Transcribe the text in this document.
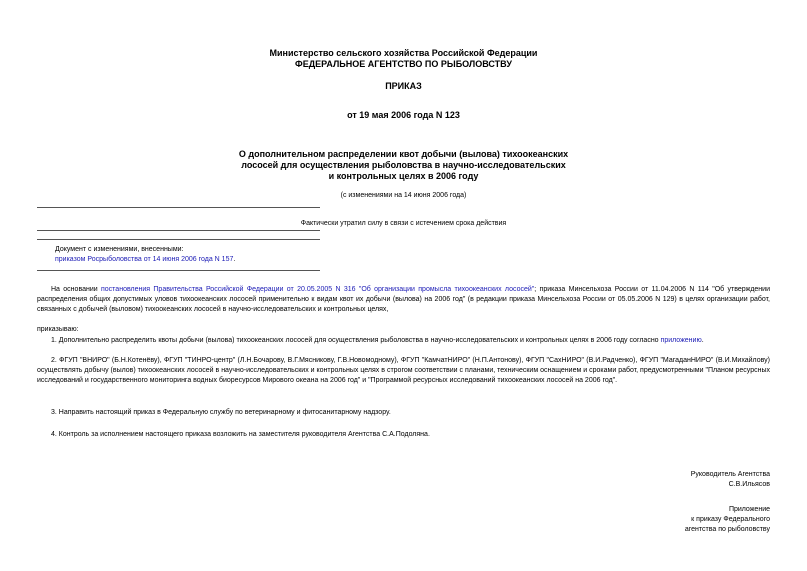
Министерство сельского хозяйства Российской Федерации
ФЕДЕРАЛЬНОЕ АГЕНТСТВО ПО РЫБОЛОВСТВУ
ПРИКАЗ
от 19 мая 2006 года N 123
О дополнительном распределении квот добычи (вылова) тихоокеанских
лососей для осуществления рыболовства в научно-исследовательских
и контрольных целях в 2006 году
(с изменениями на 14 июня 2006 года)
Фактически утратил силу в связи с истечением срока действия
Документ с изменениями, внесенными:
приказом Росрыболовства от 14 июня 2006 года N 157.
На основании постановления Правительства Российской Федерации от 20.05.2005 N 316 "Об организации промысла тихоокеанских лососей"; приказа Минсельхоза России от 11.04.2006 N 114 "Об утверждении распределения общих допустимых уловов тихоокеанских лососей применительно к видам квот их добычи (вылова) на 2006 год" (в редакции приказа Минсельхоза России от 05.05.2006 N 129) в целях организации работ, связанных с добычей (выловом) тихоокеанских лососей в научно-исследовательских и контрольных целях,
приказываю:
1. Дополнительно распределить квоты добычи (вылова) тихоокеанских лососей для осуществления рыболовства в научно-исследовательских и контрольных целях в 2006 году согласно приложению.
2. ФГУП "ВНИРО" (Б.Н.Котенёву), ФГУП "ТИНРО-центр" (Л.Н.Бочарову, В.Г.Мясникову, Г.В.Новомодному), ФГУП "КамчатНИРО" (Н.П.Антонову), ФГУП "СахНИРО" (В.И.Радченко), ФГУП "МагаданНИРО" (В.И.Михайлову) осуществлять добычу (вылов) тихоокеанских лососей в научно-исследовательских и контрольных целях в строгом соответствии с планами, техническим оснащением и сроками работ, предусмотренными "Планом ресурсных исследований и государственного мониторинга водных биоресурсов Мирового океана на 2006 год" и "Программой ресурсных исследований тихоокеанских лососей на 2006 год".
3. Направить настоящий приказ в Федеральную службу по ветеринарному и фитосанитарному надзору.
4. Контроль за исполнением настоящего приказа возложить на заместителя руководителя Агентства С.А.Подоляна.
Руководитель Агентства
С.В.Ильясов
Приложение
к приказу Федерального
агентства по рыболовству
